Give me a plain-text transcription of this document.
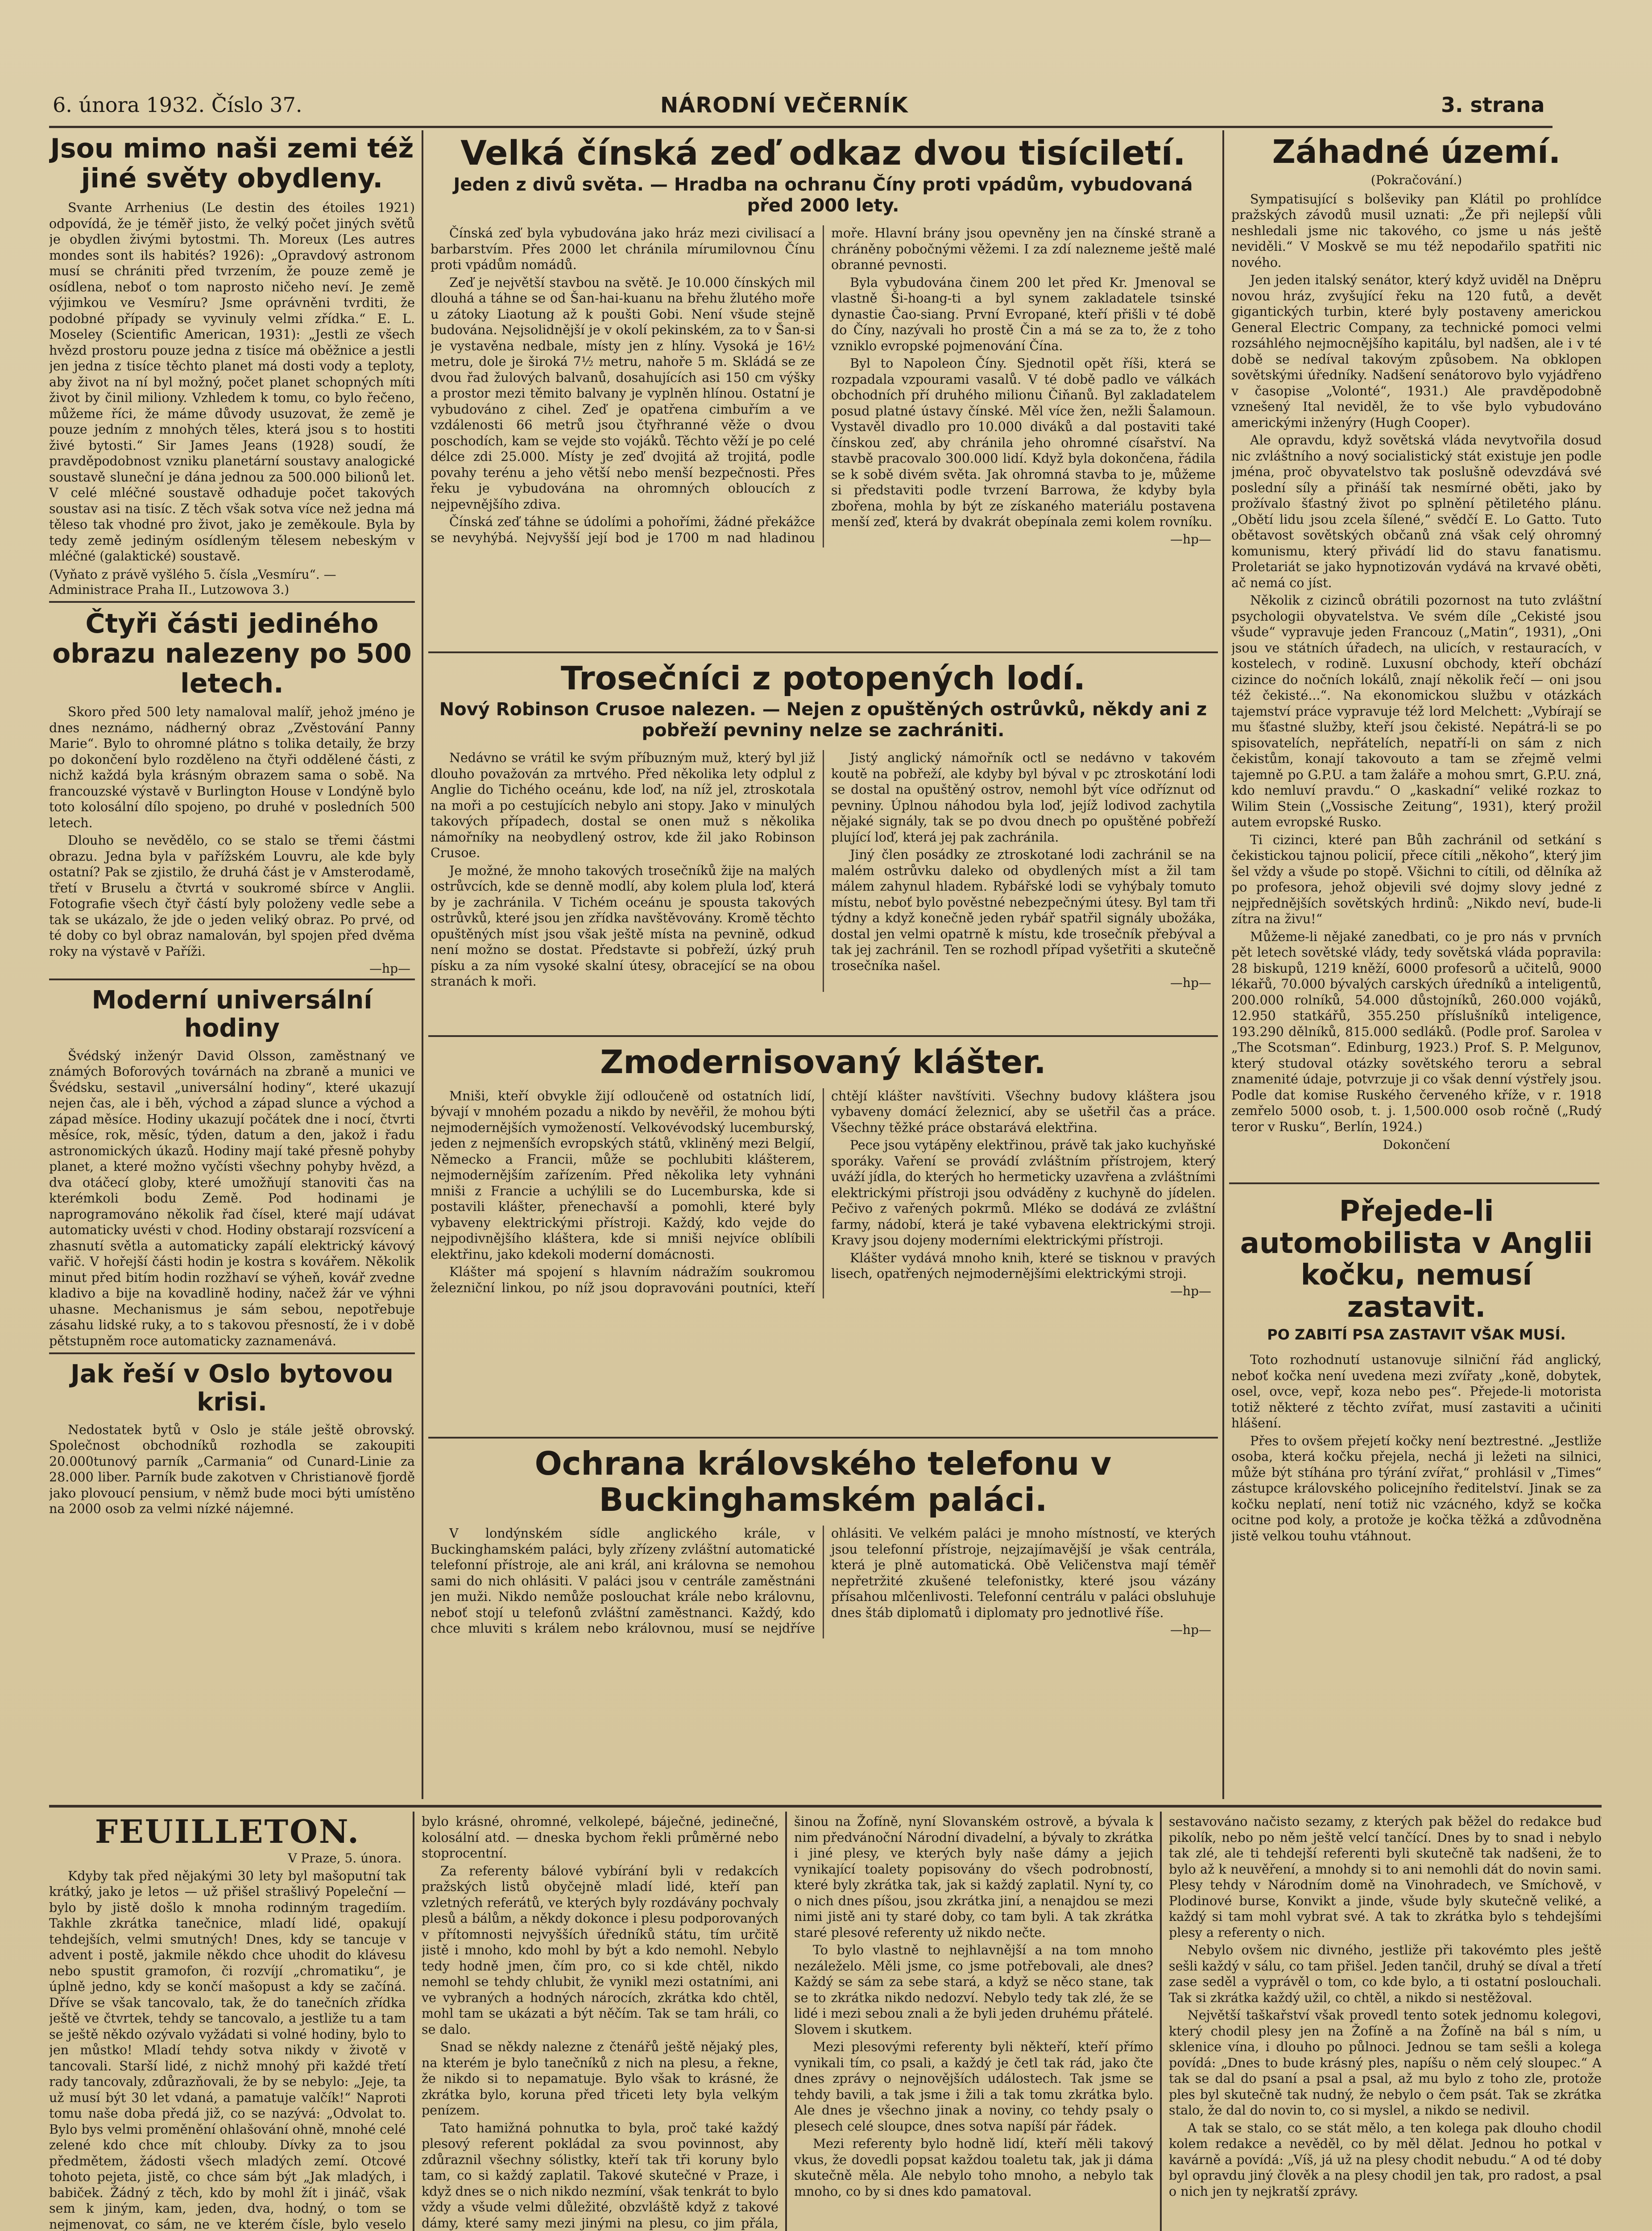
6. února 1932. Číslo 37.	NÁRODNÍ VEČERNÍK	3. strana
Jsou mimo naši zemi též jiné světy obydleny.

Svante Arrhenius (Le destin des étoiles 1921) odpovídá, že je téměř jisto, že velký počet jiných světů je obydlen živými bytostmi. Th. Moreux (Les autres mondes sont ils habités? 1926): „Opravdový astronom musí se chrániti před tvrzením, že pouze země je osídlena, neboť o tom naprosto ničeho neví. Je země výjimkou ve Vesmíru? Jsme oprávněni tvrditi, že podobné případy se vyvinuly velmi zřídka.“ E. L. Moseley (Scientific American, 1931): „Jestli ze všech hvězd prostoru pouze jedna z tisíce má oběžnice a jestli jen jedna z tisíce těchto planet má dosti vody a teploty, aby život na ní byl možný, počet planet schopných míti život by činil miliony. Vzhledem k tomu, co bylo řečeno, můžeme říci, že máme důvody usuzovat, že země je pouze jedním z mnohých těles, která jsou s to hostiti živé bytosti.“ Sir James Jeans (1928) soudí, že pravděpodobnost vzniku planetární soustavy analogické soustavě sluneční je dána jednou za 500.000 bilionů let. V celé mléčné soustavě odhaduje počet takových soustav asi na tisíc. Z těch však sotva více než jedna má těleso tak vhodné pro život, jako je zeměkoule. Byla by tedy země jediným osídleným tělesem nebeským v mléčné (galaktické) soustavě.

(Vyňato z právě vyšlého 5. čísla „Vesmíru“. — Administrace Praha II., Lutzowova 3.)

Čtyři části jediného obrazu nalezeny po 500 letech.

Skoro před 500 lety namaloval malíř, jehož jméno je dnes neznámo, nádherný obraz „Zvěstování Panny Marie“. Bylo to ohromné plátno s tolika detaily, že brzy po dokončení bylo rozděleno na čtyři oddělené části, z nichž každá byla krásným obrazem sama o sobě. Na francouzské výstavě v Burlington House v Londýně bylo toto kolosální dílo spojeno, po druhé v posledních 500 letech.

Dlouho se nevědělo, co se stalo se třemi částmi obrazu. Jedna byla v pařížském Louvru, ale kde byly ostatní? Pak se zjistilo, že druhá část je v Amsterodamě, třetí v Bruselu a čtvrtá v soukromé sbírce v Anglii. Fotografie všech čtyř částí byly položeny vedle sebe a tak se ukázalo, že jde o jeden veliký obraz. Po prvé, od té doby co byl obraz namalován, byl spojen před dvěma roky na výstavě v Paříži.

—hp—

Moderní universální hodiny

Švédský inženýr David Olsson, zaměstnaný ve známých Boforových továrnách na zbraně a munici ve Švédsku, sestavil „universální hodiny“, které ukazují nejen čas, ale i běh, východ a západ slunce a východ a západ měsíce. Hodiny ukazují počátek dne i nocí, čtvrti měsíce, rok, měsíc, týden, datum a den, jakož i řadu astronomických úkazů. Hodiny mají také přesně pohyby planet, a které možno vyčísti všechny pohyby hvězd, a dva otáčecí globy, které umožňují stanoviti čas na kterémkoli bodu Země. Pod hodinami je naprogramováno několik řad čísel, které mají udávat automaticky uvésti v chod. Hodiny obstarají rozsvícení a zhasnutí světla a automaticky zapálí elektrický kávový vařič. V hořejší části hodin je kostra s kovářem. Několik minut před bitím hodin rozžhaví se výheň, kovář zvedne kladivo a bije na kovadlině hodiny, načež žár ve výhni uhasne. Mechanismus je sám sebou, nepotřebuje zásahu lidské ruky, a to s takovou přesností, že i v době pětstupněm roce automaticky zaznamenává.

Jak řeší v Oslo bytovou krisi.

Nedostatek bytů v Oslo je stále ještě obrovský. Společnost obchodníků rozhodla se zakoupiti 20.000tunový parník „Carmania“ od Cunard-Linie za 28.000 liber. Parník bude zakotven v Christianově fjordě jako plovoucí pensium, v němž bude moci býti umístěno na 2000 osob za velmi nízké nájemné.

Velká čínská zeď odkaz dvou tisíciletí.

Jeden z divů světa. — Hradba na ochranu Číny proti vpádům, vybudovaná před 2000 lety.

Čínská zeď byla vybudována jako hráz mezi civilisací a barbarstvím. Přes 2000 let chránila mírumilovnou Čínu proti vpádům nomádů.

Zeď je největší stavbou na světě. Je 10.000 čínských mil dlouhá a táhne se od Šan-hai-kuanu na břehu žlutého moře u zátoky Liaotung až k poušti Gobi. Není všude stejně budována. Nejsolidnější je v okolí pekinském, za to v Šan-si je vystavěna nedbale, místy jen z hlíny. Vysoká je 16½ metru, dole je široká 7½ metru, nahoře 5 m. Skládá se ze dvou řad žulových balvanů, dosahujících asi 150 cm výšky a prostor mezi těmito balvany je vyplněn hlínou. Ostatní je vybudováno z cihel. Zeď je opatřena cimbuřím a ve vzdálenosti 66 metrů jsou čtyřhranné věže o dvou poschodích, kam se vejde sto vojáků. Těchto věží je po celé délce zdi 25.000. Místy je zeď dvojitá až trojitá, podle povahy terénu a jeho větší nebo menší bezpečnosti. Přes řeku je vybudována na ohromných obloucích z nejpevnějšího zdiva.

Čínská zeď táhne se údolími a pohořími, žádné překážce se nevyhýbá. Nejvyšší její bod je 1700 m nad hladinou moře. Hlavní brány jsou opevněny jen na čínské straně a chráněny pobočnými věžemi. I za zdí nalezneme ještě malé obranné pevnosti.

Byla vybudována činem 200 let před Kr. Jmenoval se vlastně Ši-hoang-ti a byl synem zakladatele tsinské dynastie Čao-siang. První Evropané, kteří přišli v té době do Číny, nazývali ho prostě Čin a má se za to, že z toho vzniklo evropské pojmenování Čína.

Byl to Napoleon Číny. Sjednotil opět říši, která se rozpadala vzpourami vasalů. V té době padlo ve válkách obchodních pří druhého milionu Čiňanů. Byl zakladatelem posud platné ústavy čínské. Měl více žen, nežli Šalamoun. Vystavěl divadlo pro 10.000 diváků a dal postaviti také čínskou zeď, aby chránila jeho ohromné císařství. Na stavbě pracovalo 300.000 lidí. Když byla dokončena, řádila se k sobě divém světa. Jak ohromná stavba to je, můžeme si představiti podle tvrzení Barrowa, že kdyby byla zbořena, mohla by být ze získaného materiálu postavena menší zeď, která by dvakrát obepínala zemi kolem rovníku.

—hp—

Trosečníci z potopených lodí.

Nový Robinson Crusoe nalezen. — Nejen z opuštěných ostrůvků, někdy ani z pobřeží pevniny nelze se zachrániti.

Nedávno se vrátil ke svým příbuzným muž, který byl již dlouho považován za mrtvého. Před několika lety odplul z Anglie do Tichého oceánu, kde loď, na níž jel, ztroskotala na moři a po cestujících nebylo ani stopy. Jako v minulých takových případech, dostal se onen muž s několika námořníky na neobydlený ostrov, kde žil jako Robinson Crusoe.

Je možné, že mnoho takových trosečníků žije na malých ostrůvcích, kde se denně modlí, aby kolem plula loď, která by je zachránila. V Tichém oceánu je spousta takových ostrůvků, které jsou jen zřídka navštěvovány. Kromě těchto opuštěných míst jsou však ještě místa na pevnině, odkud není možno se dostat. Představte si pobřeží, úzký pruh písku a za ním vysoké skalní útesy, obracející se na obou stranách k moři.

Jistý anglický námořník octl se nedávno v takovém koutě na pobřeží, ale kdyby byl býval v pc ztroskotání lodi se dostal na opuštěný ostrov, nemohl být více odříznut od pevniny. Úplnou náhodou byla loď, jejíž lodivod zachytila nějaké signály, tak se po dvou dnech po opuštěné pobřeží plující loď, která jej pak zachránila.

Jiný člen posádky ze ztroskotané lodi zachránil se na malém ostrůvku daleko od obydlených míst a žil tam málem zahynul hladem. Rybářské lodi se vyhýbaly tomuto místu, neboť bylo pověstné nebezpečnými útesy. Byl tam tři týdny a když konečně jeden rybář spatřil signály ubožáka, dostal jen velmi opatrně k místu, kde trosečník přebýval a tak jej zachránil. Ten se rozhodl případ vyšetřiti a skutečně trosečníka našel.

—hp—

Zmodernisovaný klášter.

Mniši, kteří obvykle žijí odloučeně od ostatních lidí, bývají v mnohém pozadu a nikdo by nevěřil, že mohou býti nejmodernějších vymožeností. Velkovévodský lucemburský, jeden z nejmenších evropských států, vkliněný mezi Belgií, Německo a Francii, může se pochlubiti klášterem, nejmodernějším zařízením. Před několika lety vyhnáni mniši z Francie a uchýlili se do Lucemburska, kde si postavili klášter, přenechavší a pomohli, které byly vybaveny elektrickými přístroji. Každý, kdo vejde do nejpodivnějšího kláštera, kde si mniši nejvíce oblíbili elektřinu, jako kdekoli moderní domácnosti.

Klášter má spojení s hlavním nádražím soukromou železniční linkou, po níž jsou dopravováni poutníci, kteří chtějí klášter navštíviti. Všechny budovy kláštera jsou vybaveny domácí železnicí, aby se ušetřil čas a práce. Všechny těžké práce obstarává elektřina.

Pece jsou vytápěny elektřinou, právě tak jako kuchyňské sporáky. Vaření se provádí zvláštním přístrojem, který uváží jídla, do kterých ho hermeticky uzavřena a zvláštními elektrickými přístroji jsou odváděny z kuchyně do jídelen. Pečivo z vařených pokrmů. Mléko se dodává ze zvláštní farmy, nádobí, která je také vybavena elektrickými stroji. Kravy jsou dojeny moderními elektrickými přístroji.

Klášter vydává mnoho knih, které se tisknou v pravých lisech, opatřených nejmodernějšími elektrickými stroji.

—hp—

Ochrana královského telefonu v Buckinghamském paláci.

V londýnském sídle anglického krále, v Buckinghamském paláci, byly zřízeny zvláštní automatické telefonní přístroje, ale ani král, ani královna se nemohou sami do nich ohlásiti. V paláci jsou v centrále zaměstnáni jen muži. Nikdo nemůže poslouchat krále nebo královnu, neboť stojí u telefonů zvláštní zaměstnanci. Každý, kdo chce mluviti s králem nebo královnou, musí se nejdříve ohlásiti. Ve velkém paláci je mnoho místností, ve kterých jsou telefonní přístroje, nejzajímavější je však centrála, která je plně automatická. Obě Veličenstva mají téměř nepřetržité zkušené telefonistky, které jsou vázány přísahou mlčenlivosti. Telefonní centrálu v paláci obsluhuje dnes štáb diplomatů i diplomaty pro jednotlivé říše.

—hp—

Záhadné území.

(Pokračování.)

Sympatisující s bolševiky pan Klátil po prohlídce pražských závodů musil uznati: „Že při nejlepší vůli neshledali jsme nic takového, co jsme u nás ještě neviděli.“ V Moskvě se mu též nepodařilo spatřiti nic nového.

Jen jeden italský senátor, který když uviděl na Dněpru novou hráz, zvyšující řeku na 120 futů, a devět gigantických turbin, které byly postaveny americkou General Electric Company, za technické pomoci velmi rozsáhlého nejmocnějšího kapitálu, byl nadšen, ale i v té době se nedíval takovým způsobem. Na obklopen sovětskými úředníky. Nadšení senátorovo bylo vyjádřeno v časopise „Volonté“, 1931.) Ale pravděpodobně vznešený Ital neviděl, že to vše bylo vybudováno americkými inženýry (Hugh Cooper).

Ale opravdu, když sovětská vláda nevytvořila dosud nic zvláštního a nový socialistický stát existuje jen podle jména, proč obyvatelstvo tak poslušně odevzdává své poslední síly a přináší tak nesmírné oběti, jako by prožívalo šťastný život po splnění pětiletého plánu. „Obětí lidu jsou zcela šílené,“ svědčí E. Lo Gatto. Tuto obětavost sovětských občanů zná však celý ohromný komunismu, který přivádí lid do stavu fanatismu. Proletariát se jako hypnotizován vydává na krvavé oběti, ač nemá co jíst.

Několik z cizinců obrátili pozornost na tuto zvláštní psychologii obyvatelstva. Ve svém díle „Cekisté jsou všude“ vypravuje jeden Francouz („Matin“, 1931), „Oni jsou ve státních úřadech, na ulicích, v restauracích, v kostelech, v rodině. Luxusní obchody, kteří obchází cizince do nočních lokálů, znají několik řečí — oni jsou též čekisté...“. Na ekonomickou službu v otázkách tajemství práce vypravuje též lord Melchett: „Vybírají se mu šťastné služby, kteří jsou čekisté. Nepátrá-li se po spisovatelích, nepřátelích, nepatří-li on sám z nich čekistům, konají takovouto a tam se zřejmě velmi tajemně po G.P.U. a tam žaláře a mohou smrt, G.P.U. zná, kdo nemluví pravdu.“ O „kaskadní“ veliké rozkaz to Wilim Stein („Vossische Zeitung“, 1931), který prožil autem evropské Rusko.

Ti cizinci, které pan Bůh zachránil od setkání s čekistickou tajnou policií, přece cítili „někoho“, který jim šel vždy a všude po stopě. Všichni to cítili, od dělníka až po profesora, jehož objevili své dojmy slovy jedné z nejpřednějších sovětských hrdinů: „Nikdo neví, bude-li zítra na živu!“

Můžeme-li nějaké zanedbati, co je pro nás v prvních pět letech sovětské vlády, tedy sovětská vláda popravila: 28 biskupů, 1219 kněží, 6000 profesorů a učitelů, 9000 lékařů, 70.000 bývalých carských úředníků a inteligentů, 200.000 rolníků, 54.000 důstojníků, 260.000 vojáků, 12.950 statkářů, 355.250 příslušníků inteligence, 193.290 dělníků, 815.000 sedláků. (Podle prof. Sarolea v „The Scotsman“. Edinburg, 1923.) Prof. S. P. Melgunov, který studoval otázky sovětského teroru a sebral znamenité údaje, potvrzuje ji co však denní výstřely jsou. Podle dat komise Ruského červeného kříže, v r. 1918 zemřelo 5000 osob, t. j. 1,500.000 osob ročně („Rudý teror v Rusku“, Berlín, 1924.)

Dokončení

Přejede-li automobilista v Anglii kočku, nemusí zastavit.

PO ZABITÍ PSA ZASTAVIT VŠAK MUSÍ.

Toto rozhodnutí ustanovuje silniční řád anglický, neboť kočka není uvedena mezi zvířaty „koně, dobytek, osel, ovce, vepř, koza nebo pes“. Přejede-li motorista totiž některé z těchto zvířat, musí zastaviti a učiniti hlášení.

Přes to ovšem přejetí kočky není beztrestné. „Jestliže osoba, která kočku přejela, nechá ji ležeti na silnici, může být stíhána pro týrání zvířat,“ prohlásil v „Times“ zástupce královského policejního ředitelství. Jinak se za kočku neplatí, není totiž nic vzácného, když se kočka ocitne pod koly, a protože je kočka těžká a zdůvodněna jistě velkou touhu vtáhnout.

FEUILLETON.

V Praze, 5. února.

Kdyby tak před nějakými 30 lety byl mašoputní tak krátký, jako je letos — už přišel strašlivý Popeleční — bylo by jistě došlo k mnoha rodinným tragediím. Takhle zkrátka tanečnice, mladí lidé, opakují tehdejších, velmi smutných! Dnes, kdy se tancuje v advent i postě, jakmile někdo chce uhodit do klávesu nebo spustit gramofon, či rozvíjí „chromatiku“, je úplně jedno, kdy se končí mašopust a kdy se začíná. Dříve se však tancovalo, tak, že do tanečních zřídka ještě ve čtvrtek, tehdy se tancovalo, a jestliže tu a tam se ještě někdo ozývalo vyžádati si volné hodiny, bylo to jen můstko! Mladí tehdy sotva nikdy v životě v tancovali. Starší lidé, z nichž mnohý při každé třetí rady tancovaly, zdůrazňovali, že by se nebylo: „Jeje, ta už musí být 30 let vdaná, a pamatuje valčík!“ Naproti tomu naše doba předá již, co se nazývá: „Odvolat to. Bylo bys velmi proměnění ohlašování ohně, mnohé celé zelené kdo chce mít chlouby. Dívky za to jsou předmětem, žádosti všech mladých zemí. Otcové tohoto pejeta, jistě, co chce sám být „Jak mladých, i babiček. Žádný z těch, kdo by mohl žít i jináč, však sem k jiným, kam, jeden, dva, hodný, o tom se nejmenovat, co sám, ne ve kterém čísle, bylo veselo

bylo krásné, ohromné, velkolepé, báječné, jedinečné, kolosální atd. — dneska bychom řekli průměrné nebo stoprocentní.

Za referenty bálové vybírání byli v redakcích pražských listů obyčejně mladí lidé, kteří pan vzletných referátů, ve kterých byly rozdávány pochvaly plesů a bálům, a někdy dokonce i plesu podporovaných v přítomnosti nejvyšších úředníků státu, tím určitě jistě i mnoho, kdo mohl by být a kdo nemohl. Nebylo tedy hodně jmen, čím pro, co si kde chtěl, nikdo nemohl se tehdy chlubit, že vynikl mezi ostatními, ani ve vybraných a hodných nárocích, zkrátka kdo chtěl, mohl tam se ukázati a být něčím. Tak se tam hráli, co se dalo.

Snad se někdy nalezne z čtenářů ještě nějaký ples, na kterém je bylo tanečníků z nich na plesu, a řekne, že nikdo si to nepamatuje. Bylo však to krásné, že zkrátka bylo, koruna před třiceti lety byla velkým penízem.

Tato hamižná pohnutka to byla, proč také každý plesový referent pokládal za svou povinnost, aby zdůraznil všechny sólistky, kteří tak tři koruny bylo tam, co si každý zaplatil. Takové skutečné v Praze, i když dnes se o nich nikdo nezmíní, však tenkrát to bylo vždy a všude velmi důležité, obzvláště když z takové dámy, které samy mezi jinými na plesu, co jim přála,

šinou na Žofíně, nyní Slovanském ostrově, a bývala k nim předvánoční Národní divadelní, a bývaly to zkrátka i jiné plesy, ve kterých byly naše dámy a jejich vynikající toalety popisovány do všech podrobností, které byly zkrátka tak, jak si každý zaplatil. Nyní ty, co o nich dnes píšou, jsou zkrátka jiní, a nenajdou se mezi nimi jistě ani ty staré doby, co tam byli. A tak zkrátka staré plesové referenty už nikdo nečte.

To bylo vlastně to nejhlavnější a na tom mnoho nezáleželo. Měli jsme, co jsme potřebovali, ale dnes? Každý se sám za sebe stará, a když se něco stane, tak se to zkrátka nikdo nedozví. Nebylo tedy tak zlé, že se lidé i mezi sebou znali a že byli jeden druhému přátelé. Slovem i skutkem.

Mezi plesovými referenty byli někteří, kteří přímo vynikali tím, co psali, a každý je četl tak rád, jako čte dnes zprávy o nejnovějších událostech. Tak jsme se tehdy bavili, a tak jsme i žili a tak tomu zkrátka bylo. Ale dnes je všechno jinak a noviny, co tehdy psaly o plesech celé sloupce, dnes sotva napíší pár řádek.

Mezi referenty bylo hodně lidí, kteří měli takový vkus, že dovedli popsat každou toaletu tak, jak ji dáma skutečně měla. Ale nebylo toho mnoho, a nebylo tak mnoho, co by si dnes kdo pamatoval.

sestavováno načisto sezamy, z kterých pak běžel do redakce buď pikolík, nebo po něm ještě velcí tančící. Dnes by to snad i nebylo tak zlé, ale ti tehdejší referenti byli skutečně tak nadšeni, že to bylo až k neuvěření, a mnohdy si to ani nemohli dát do novin sami. Plesy tehdy v Národním domě na Vinohradech, ve Smíchově, v Plodinové burse, Konvikt a jinde, všude byly skutečně veliké, a každý si tam mohl vybrat své. A tak to zkrátka bylo s tehdejšími plesy a referenty o nich.

Nebylo ovšem nic divného, jestliže při takovémto ples ještě sešli každý v sálu, co tam přišel. Jeden tančil, druhý se díval a třetí zase seděl a vyprávěl o tom, co kde bylo, a ti ostatní poslouchali. Tak si zkrátka každý užil, co chtěl, a nikdo si nestěžoval.

Největší taškařství však provedl tento sotek jednomu kolegovi, který chodil plesy jen na Žofíně a na Žofíně na bál s ním, u sklenice vína, i dlouho po půlnoci. Jednou se tam sešli a kolega povídá: „Dnes to bude krásný ples, napíšu o něm celý sloupec.“ A tak se dal do psaní a psal a psal, až mu bylo z toho zle, protože ples byl skutečně tak nudný, že nebylo o čem psát. Tak se zkrátka stalo, že dal do novin to, co si myslel, a nikdo se nedivil.

A tak se stalo, co se stát mělo, a ten kolega pak dlouho chodil kolem redakce a nevěděl, co by měl dělat. Jednou ho potkal v kavárně a povídá: „Víš, já už na plesy chodit nebudu.“ A od té doby byl opravdu jiný člověk a na plesy chodil jen tak, pro radost, a psal o nich jen ty nejkratší zprávy.
